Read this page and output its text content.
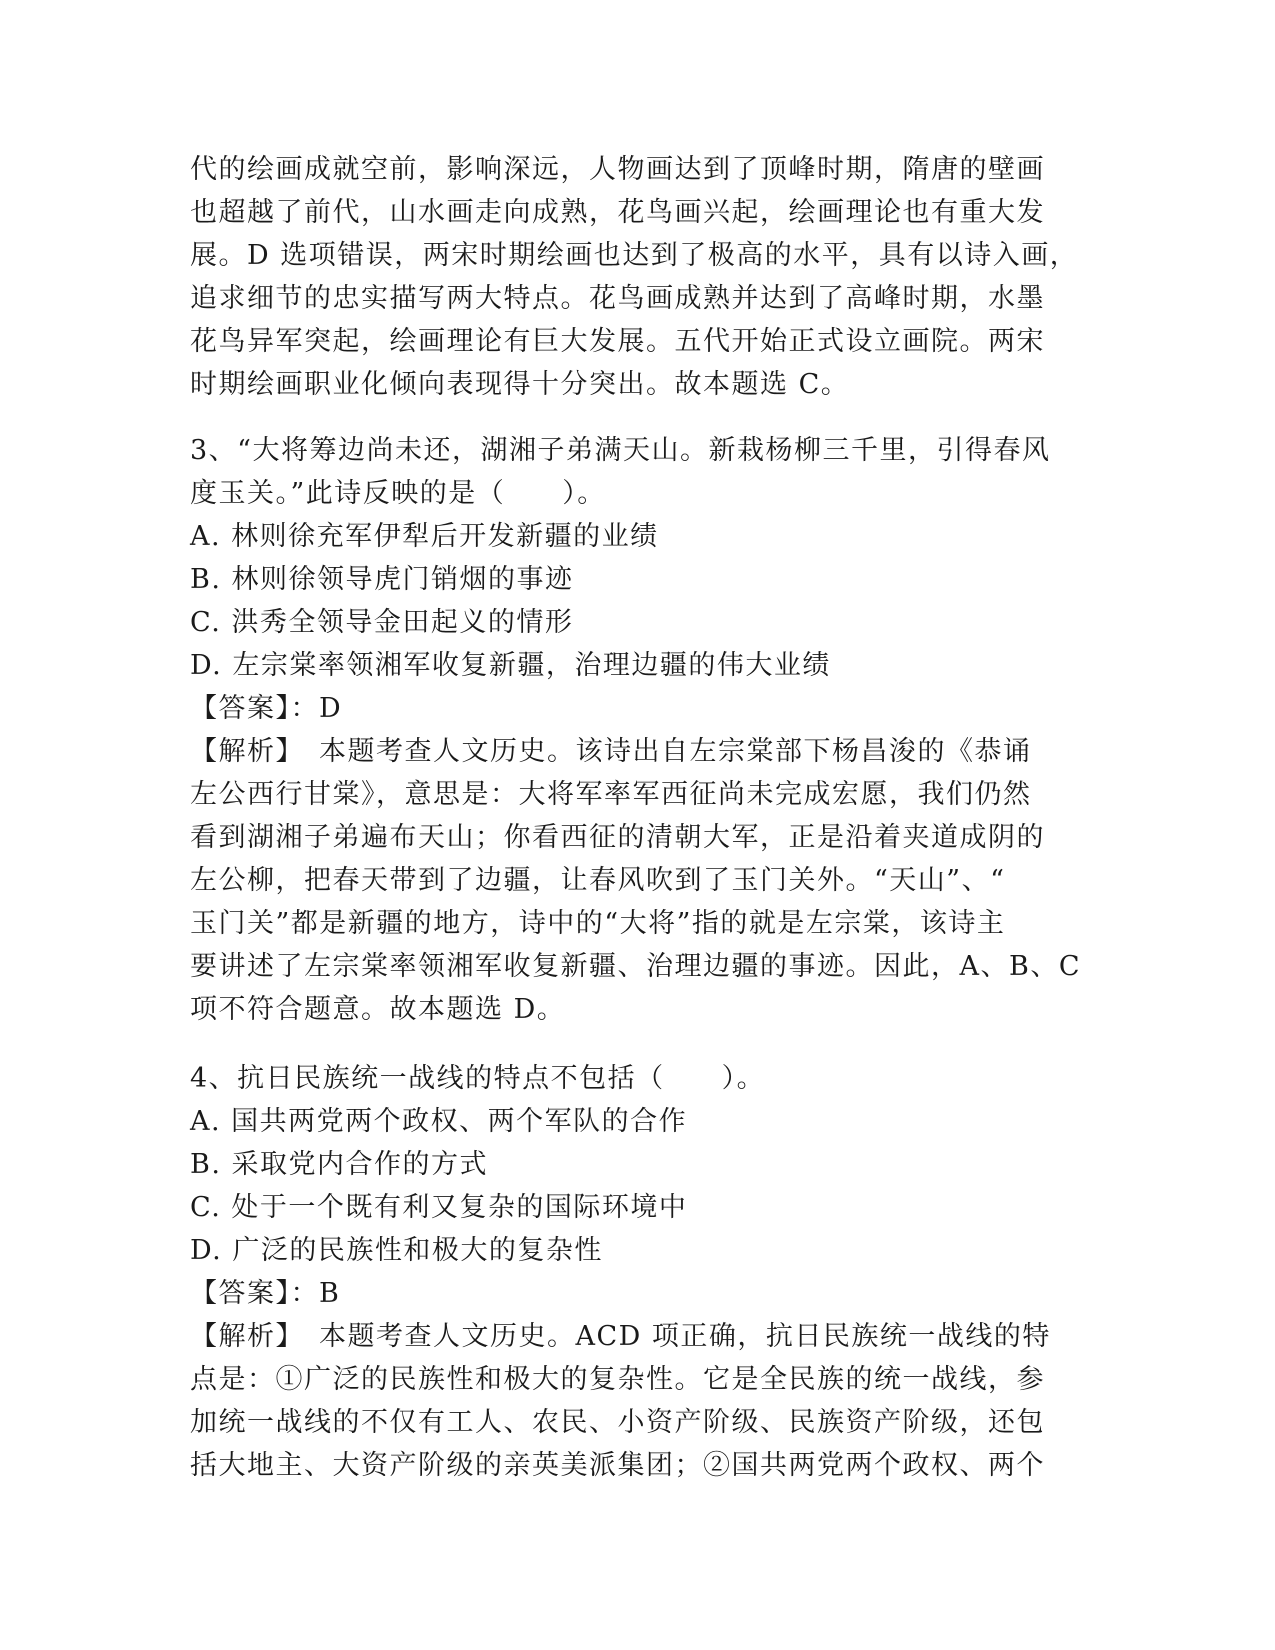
代的绘画成就空前，影响深远，人物画达到了顶峰时期，隋唐的壁画
也超越了前代，山水画走向成熟，花鸟画兴起，绘画理论也有重大发
展。D 选项错误，两宋时期绘画也达到了极高的水平，具有以诗入画，
追求细节的忠实描写两大特点。花鸟画成熟并达到了高峰时期，水墨
花鸟异军突起，绘画理论有巨大发展。五代开始正式设立画院。两宋
时期绘画职业化倾向表现得十分突出。故本题选 C。
3、“大将筹边尚未还，湖湘子弟满天山。新栽杨柳三千里，引得春风
度玉关。”此诗反映的是（　　）。
A. 林则徐充军伊犁后开发新疆的业绩
B. 林则徐领导虎门销烟的事迹
C. 洪秀全领导金田起义的情形
D. 左宗棠率领湘军收复新疆，治理边疆的伟大业绩
【答案】：D
【解析】　本题考查人文历史。该诗出自左宗棠部下杨昌浚的《恭诵
左公西行甘棠》，意思是：大将军率军西征尚未完成宏愿，我们仍然
看到湖湘子弟遍布天山；你看西征的清朝大军，正是沿着夹道成阴的
左公柳，把春天带到了边疆，让春风吹到了玉门关外。“天山”、“
玉门关”都是新疆的地方，诗中的“大将”指的就是左宗棠，该诗主
要讲述了左宗棠率领湘军收复新疆、治理边疆的事迹。因此，A、B、C
项不符合题意。故本题选 D。
4、抗日民族统一战线的特点不包括（　　）。
A. 国共两党两个政权、两个军队的合作
B. 采取党内合作的方式
C. 处于一个既有利又复杂的国际环境中
D. 广泛的民族性和极大的复杂性
【答案】：B
【解析】　本题考查人文历史。ACD 项正确，抗日民族统一战线的特
点是：①广泛的民族性和极大的复杂性。它是全民族的统一战线，参
加统一战线的不仅有工人、农民、小资产阶级、民族资产阶级，还包
括大地主、大资产阶级的亲英美派集团；②国共两党两个政权、两个
